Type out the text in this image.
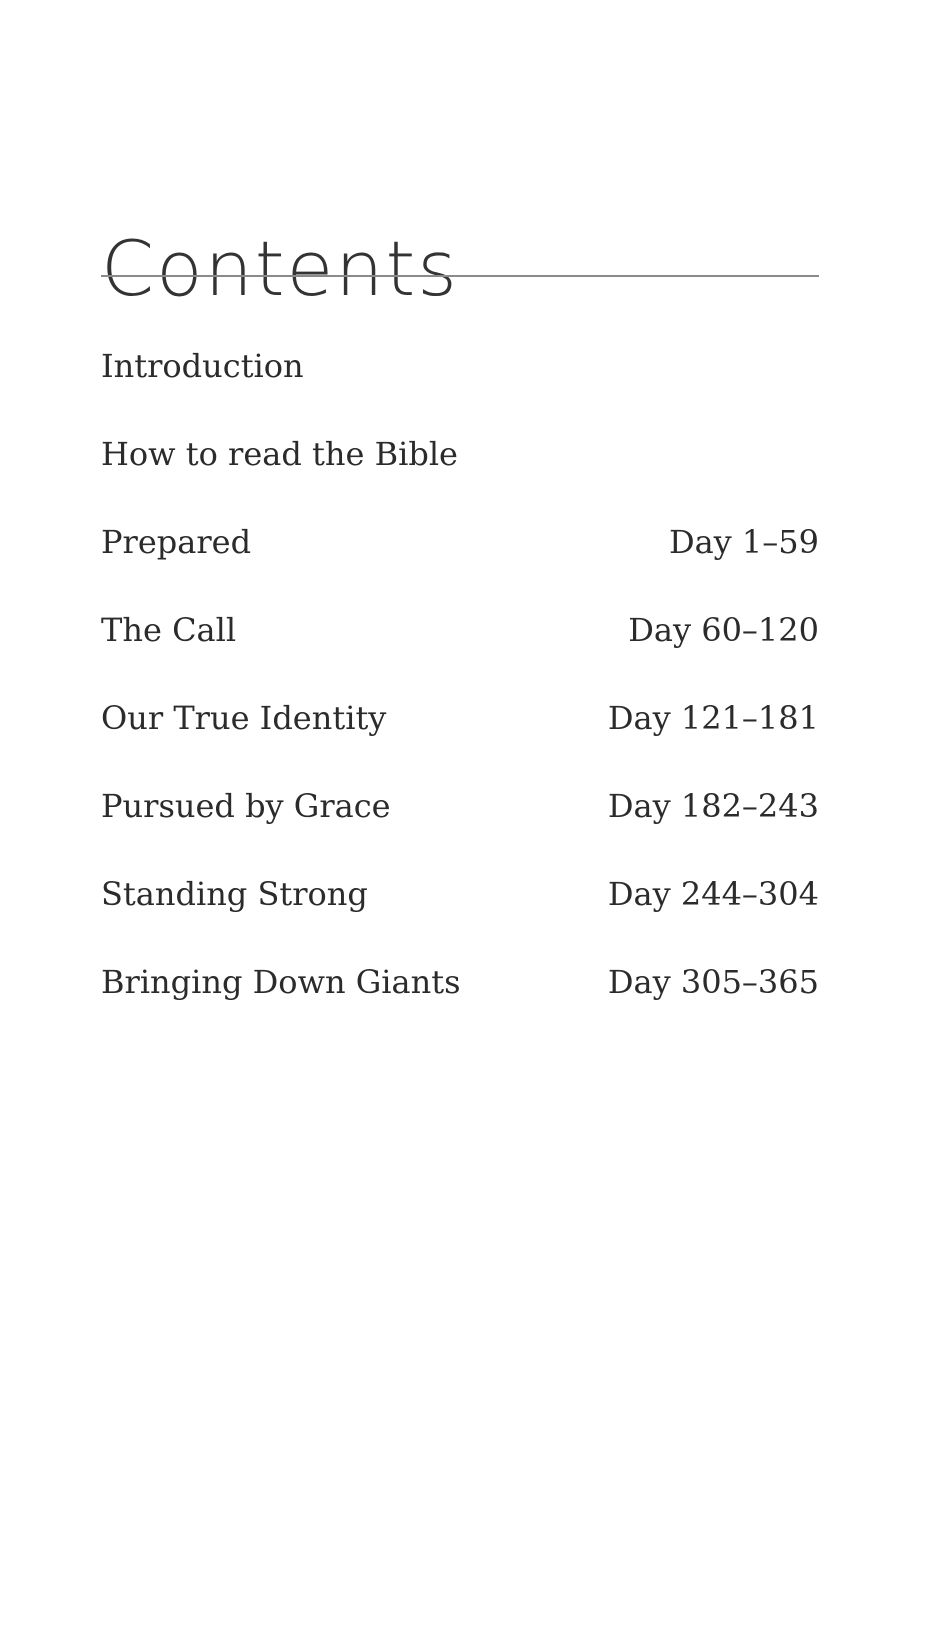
Contents
Introduction
How to read the Bible
Prepared	Day 1–59
The Call	Day 60–120
Our True Identity	Day 121–181
Pursued by Grace	Day 182–243
Standing Strong	Day 244–304
Bringing Down Giants	Day 305–365
